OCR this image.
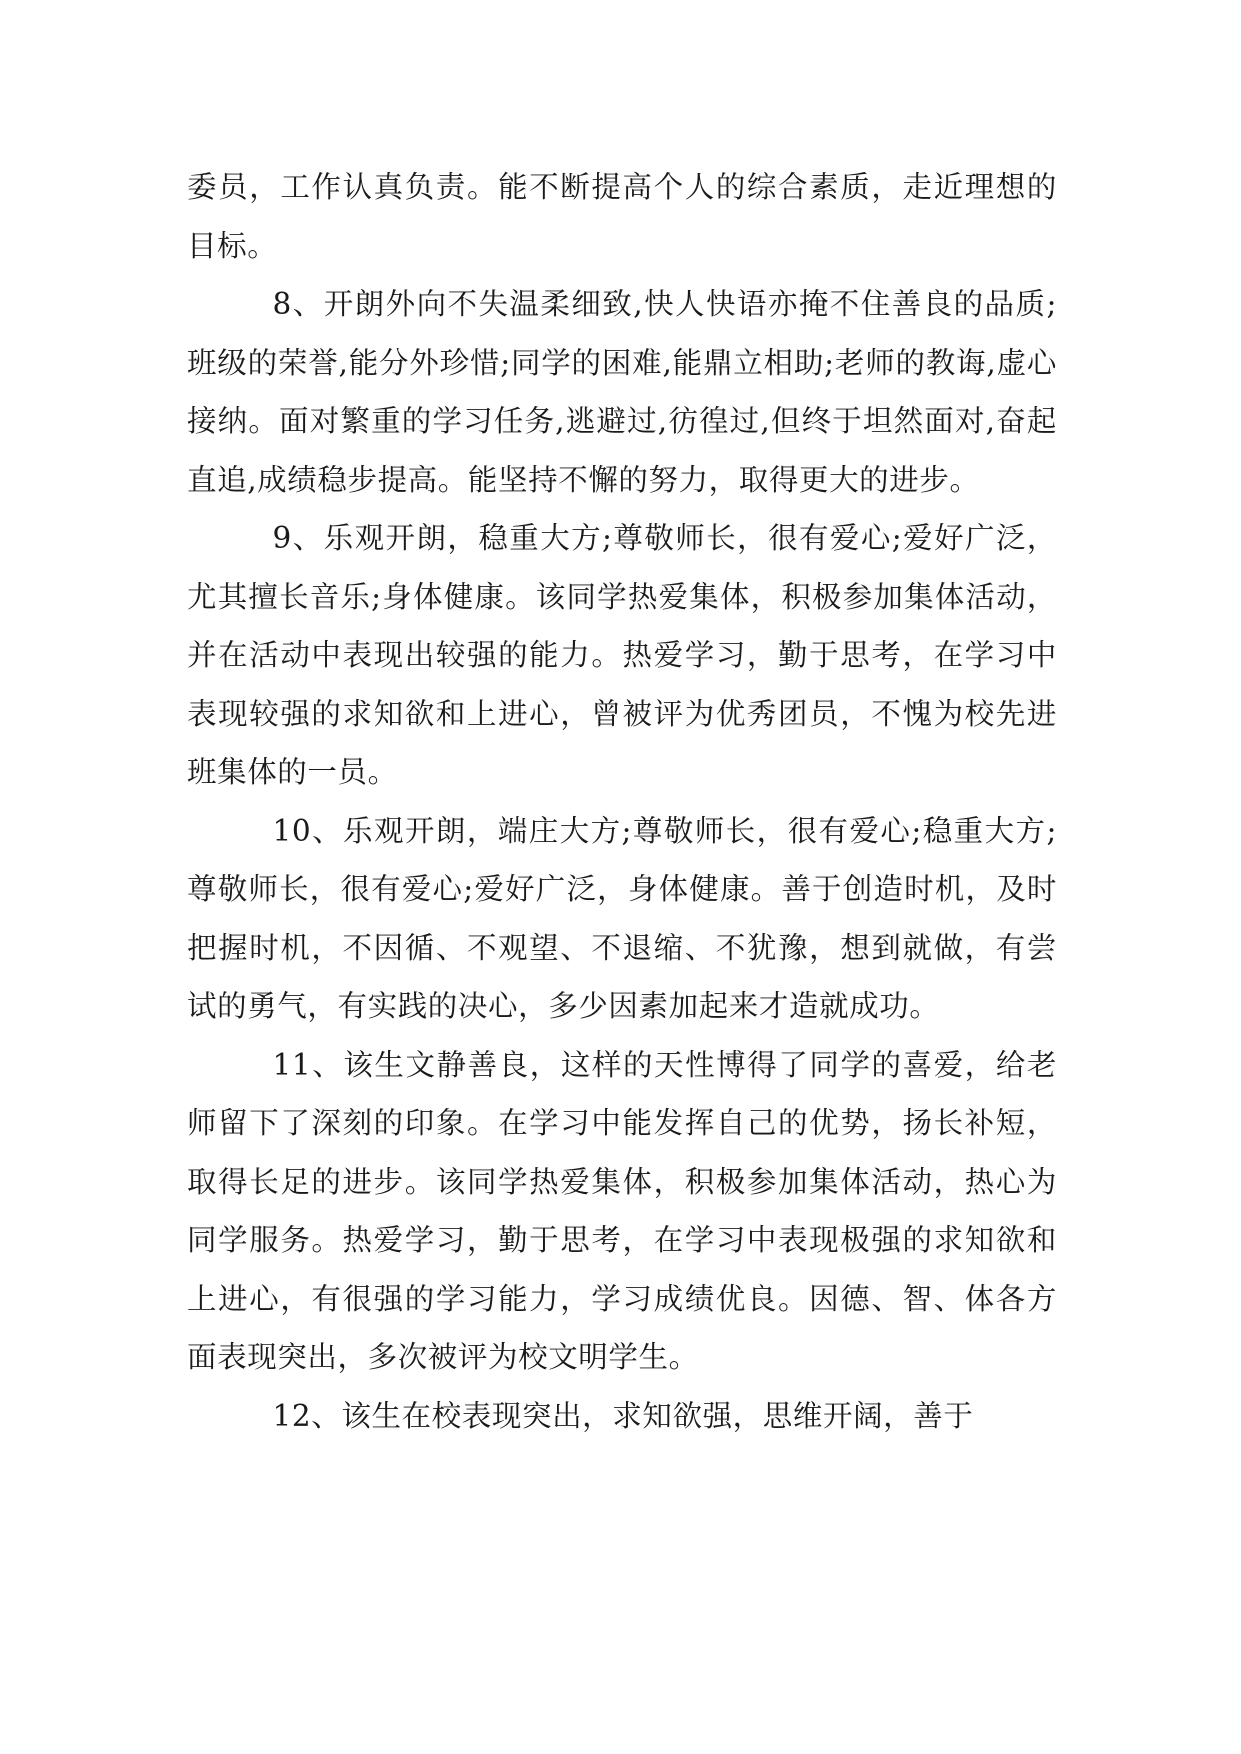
委员，工作认真负责。能不断提高个人的综合素质，走近理想的目标。

8、开朗外向不失温柔细致,快人快语亦掩不住善良的品质;班级的荣誉,能分外珍惜;同学的困难,能鼎立相助;老师的教诲,虚心接纳。面对繁重的学习任务,逃避过,彷徨过,但终于坦然面对,奋起直追,成绩稳步提高。能坚持不懈的努力，取得更大的进步。

9、乐观开朗，稳重大方;尊敬师长，很有爱心;爱好广泛，尤其擅长音乐;身体健康。该同学热爱集体，积极参加集体活动，并在活动中表现出较强的能力。热爱学习，勤于思考，在学习中表现较强的求知欲和上进心，曾被评为优秀团员，不愧为校先进班集体的一员。

10、乐观开朗，端庄大方;尊敬师长，很有爱心;稳重大方;尊敬师长，很有爱心;爱好广泛，身体健康。善于创造时机，及时把握时机，不因循、不观望、不退缩、不犹豫，想到就做，有尝试的勇气，有实践的决心，多少因素加起来才造就成功。

11、该生文静善良，这样的天性博得了同学的喜爱，给老师留下了深刻的印象。在学习中能发挥自己的优势，扬长补短，取得长足的进步。该同学热爱集体，积极参加集体活动，热心为同学服务。热爱学习，勤于思考，在学习中表现极强的求知欲和上进心，有很强的学习能力，学习成绩优良。因德、智、体各方面表现突出，多次被评为校文明学生。

12、该生在校表现突出，求知欲强，思维开阔，善于
